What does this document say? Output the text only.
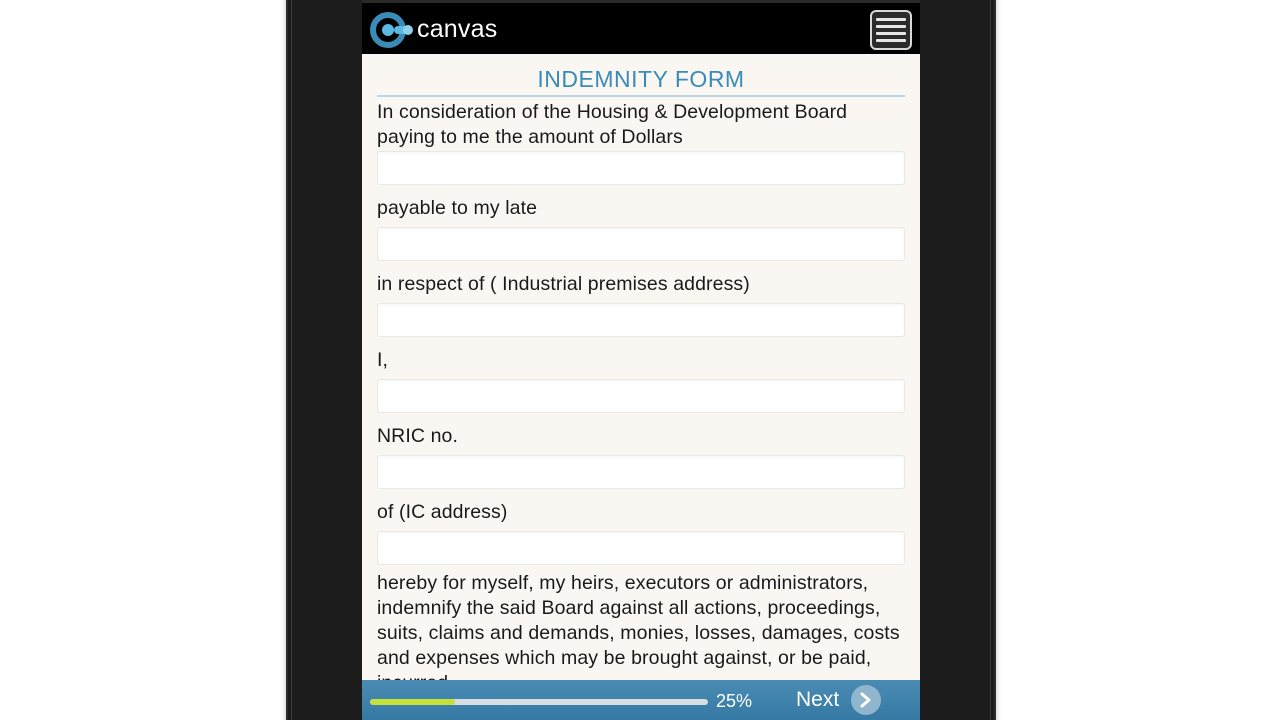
canvas
INDEMNITY FORM
In consideration of the Housing & Development Board paying to me the amount of Dollars
payable to my late
in respect of ( Industrial premises address)
I,
NRIC no.
of (IC address)
hereby for myself, my heirs, executors or administrators, indemnify the said Board against all actions, proceedings, suits, claims and demands, monies, losses, damages, costs and expenses which may be brought against, or be paid,
25% Next
